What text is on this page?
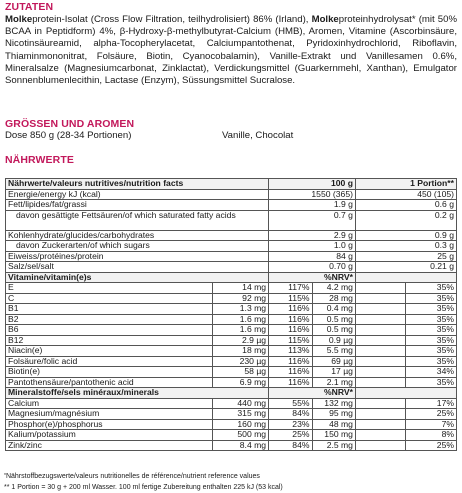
ZUTATEN
Molkeprotein-Isolat (Cross Flow Filtration, teilhydrolisiert) 86% (Irland), Molkeproteinhydrolysat* (mit 50% BCAA in Peptidform) 4%, β-Hydroxy-β-methylbutyrat-Calcium (HMB), Aromen, Vitamine (Ascorbinsäure, Nicotinsäureamid, alpha-Tocopherylacetat, Calciumpantothenat, Pyridoxinhydrochlorid, Riboflavin, Thiaminmononitrat, Folsäure, Biotin, Cyanocobalamin), Vanille-Extrakt und Vanillesamen 0.6%, Mineralsalze (Magnesiumcarbonat, Zinklactat), Verdickungsmittel (Guarkernmehl, Xanthan), Emulgator Sonnenblumenlecithin, Lactase (Enzym), Süssungsmittel Sucralose.
GRÖSSEN UND AROMEN
Dose 850 g (28-34 Portionen)	Vanille, Chocolat
NÄHRWERTE
Nährwerte/valeurs nutritives/nutrition facts		100 g		1 Portion**	
Energie/energy kJ (kcal)		1550 (365)		450 (105)	
Fett/lipides/fat/grassi		1.9 g		0.6 g	
davon gesättigte Fettsäuren/of which saturated fatty acids		0.7 g		0.2 g	
Kohlenhydrate/glucides/carbohydrates		2.9 g		0.9 g	
davon Zuckerarten/of which sugars		1.0 g		0.3 g	
Eiweiss/protéines/protein		84 g		25 g	
Salz/sel/salt		0.70 g		0.21 g	
Vitamine/vitamin(e)s		%NRV*			
E	14 mg	117%	4.2 mg		35%
C	92 mg	115%	28 mg		35%
B1	1.3 mg	116%	0.4 mg		35%
B2	1.6 mg	116%	0.5 mg		35%
B6	1.6 mg	116%	0.5 mg		35%
B12	2.9 µg	115%	0.9 µg		35%
Niacin(e)	18 mg	113%	5.5 mg		35%
Folsäure/folic acid	230 µg	116%	69 µg		35%
Biotin(e)	58 µg	116%	17 µg		34%
Pantothensäure/pantothenic acid	6.9 mg	116%	2.1 mg		35%
Mineralstoffe/sels minéraux/minerals		%NRV*			
Calcium	440 mg	55%	132 mg		17%
Magnesium/magnésium	315 mg	84%	95 mg		25%
Phosphor(e)/phosphorus	160 mg	23%	48 mg		7%
Kalium/potassium	500 mg	25%	150 mg		8%
Zink/zinc	8.4 mg	84%	2.5 mg		25%
*Nährstoffbezugswerte/valeurs nutritionelles de référence/nutrient reference values
** 1 Portion = 30 g + 200 ml Wasser. 100 ml fertige Zubereitung enthalten 225 kJ (53 kcal)
